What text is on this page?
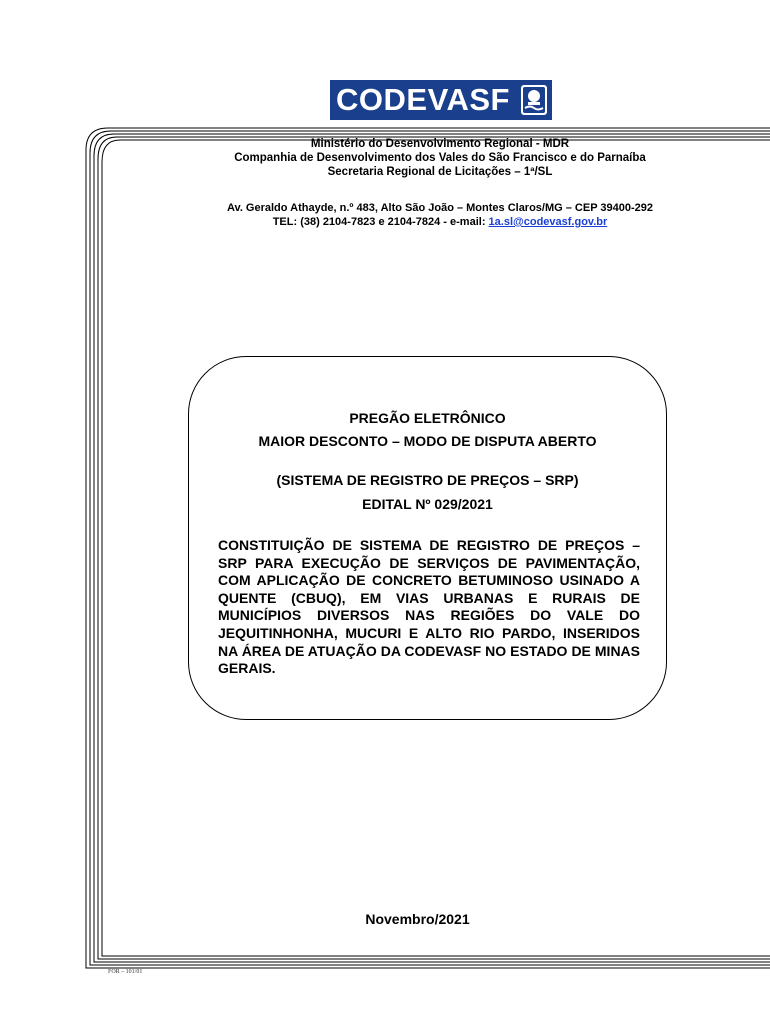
CODEVASF
Ministério do Desenvolvimento Regional - MDR
Companhia de Desenvolvimento dos Vales do São Francisco e do Parnaíba
Secretaria Regional de Licitações – 1ª/SL
Av. Geraldo Athayde, n.º 483, Alto São João – Montes Claros/MG – CEP 39400-292
TEL: (38) 2104-7823 e 2104-7824 - e-mail: 1a.sl@codevasf.gov.br
PREGÃO ELETRÔNICO
MAIOR DESCONTO – MODO DE DISPUTA ABERTO
(SISTEMA DE REGISTRO DE PREÇOS – SRP)
EDITAL Nº 029/2021
CONSTITUIÇÃO DE SISTEMA DE REGISTRO DE PREÇOS – SRP PARA EXECUÇÃO DE SERVIÇOS DE PAVIMENTAÇÃO, COM APLICAÇÃO DE CONCRETO BETUMINOSO USINADO A QUENTE (CBUQ), EM VIAS URBANAS E RURAIS DE MUNICÍPIOS DIVERSOS NAS REGIÕES DO VALE DO JEQUITINHONHA, MUCURI E ALTO RIO PARDO, INSERIDOS NA ÁREA DE ATUAÇÃO DA CODEVASF NO ESTADO DE MINAS GERAIS.
Novembro/2021
FOR – 101/01
